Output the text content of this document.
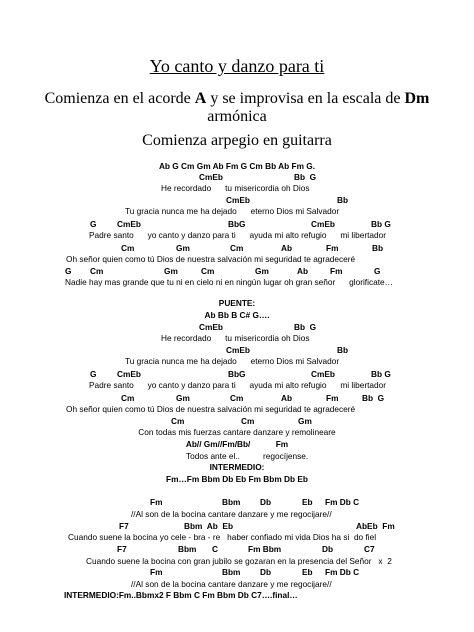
Yo canto y danzo para ti
Comienza en el acorde A y se improvisa en la escala de Dm
armónica
Comienza arpegio en guitarra
Ab G Cm Gm Ab Fm G Cm Bb Ab Fm G.
CmEb	Bb  G
He recordado      tu misericordia oh Dios
CmEb	Bb
Tu gracia nunca me ha dejado      eterno Dios mi Salvador
G CmEb	BbG	CmEb	Bb G
Padre santo      yo canto y danzo para ti      ayuda mi alto refugio      mi libertador
Cm	Gm	Cm	Ab	Fm	Bb
Oh señor quien como tú Dios de nuestra salvación mi seguridad te agradeceré
G Cm	Gm	Cm	Gm	Ab	Fm	G
Nadie hay mas grande que tu ni en cielo ni en ningún lugar oh gran señor      glorificate…
PUENTE:
Ab Bb B C# G….
CmEb	Bb  G
He recordado      tu misericordia oh Dios
CmEb	Bb
Tu gracia nunca me ha dejado      eterno Dios mi Salvador
G CmEb	BbG	CmEb	Bb G
Padre santo      yo canto y danzo para ti      ayuda mi alto refugio      mi libertador
Cm	Gm	Cm	Ab	Fm	Bb  G
Oh señor quien como tú Dios de nuestra salvación mi seguridad te agradeceré
Cm	Cm	Gm
Con todas mis fuerzas cantare danzare y remolineare
Ab// Gm//Fm/Bb/           Fm
Todos ante el..          regocíjense.
INTERMEDIO:
Fm…Fm Bbm Db Eb Fm Bbm Db Eb
Fm	Bbm Db	Eb Fm Db C
//Al son de la bocina cantare danzare y me regocijare//
F7	Bbm  Ab  Eb	AbEb  Fm
Cuando suene la bocina yo cele - bra - re   haber confiado mi vida Dios ha si  do fiel
F7	Bbm C	Fm Bbm	Db	C7
Cuando suene la bocina con gran jubilo se gozaran en la presencia del Señor   x  2
Fm	Bbm Db	Eb Fm Db C
//Al son de la bocina cantare danzare y me regocijare//
INTERMEDIO:Fm..Bbmx2 F Bbm C Fm Bbm Db C7….final…
